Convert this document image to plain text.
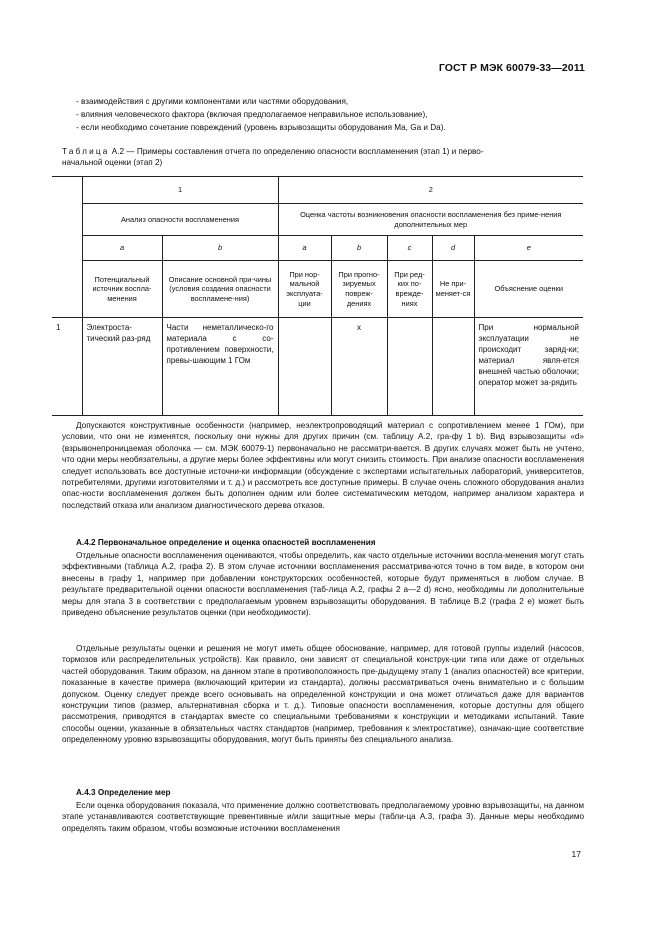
ГОСТ Р МЭК 60079-33—2011
- взаимодействия с другими компонентами или частями оборудования,
- влияния человеческого фактора (включая предполагаемое неправильное использование),
- если необходимо сочетание повреждений (уровень взрывозащиты оборудования Ma, Ga и Da).
Таблица А.2 — Примеры составления отчета по определению опасности воспламенения (этап 1) и перво-
начальной оценки (этап 2)
	1		2				
	Анализ опасности воспламенения		Оценка частоты возникновения опасности воспламенения без приме-нения дополнительных мер				
	a	b	a	b	c	d	e
	Потенциальный источник воспла-менения	Описание основной при-чины (условия создания опасности воспламене-ния)	При нор-мальной эксплуата-ции	При прогно-зируемых повреж-дениях	При ред-ких по-врежде-ниях	Не при-меняет-ся	Объяснение оценки
1	Электроста-тический раз-ряд	Части неметаллическо-го материала с со-противлением поверхности, превы-шающим 1 ГОм		x			При нормальной эксплуатации не происходит заряд-ки; материал явля-ется внешней частью оболочки; оператор может за-рядить
Допускаются конструктивные особенности (например, неэлектропроводящий материал с сопротивлением менее 1 ГОм), при условии, что они не изменятся, поскольку они нужны для других причин (см. таблицу А.2, гра-фу 1 b). Вид взрывозащиты «d» (взрывонепроницаемая оболочка — см. МЭК 60079-1) первоначально не рассматри-вается. В других случаях может быть не учтено, что одни меры необязательны, а другие меры более эффективны или могут снизить стоимость. При анализе опасности воспламенения следует использовать все доступные источни-ки информации (обсуждение с экспертами испытательных лабораторий, университетов, потребителями, другими изготовителями и т. д.) и рассмотреть все доступные примеры. В случае очень сложного оборудования анализ опас-ности воспламенения должен быть дополнен одним или более систематическим методом, например анализом характера и последствий отказа или анализом диагностического дерева отказов.
А.4.2 Первоначальное определение и оценка опасностей воспламенения
Отдельные опасности воспламенения оцениваются, чтобы определить, как часто отдельные источники воспла-менения могут стать эффективными (таблица А.2, графа 2). В этом случае источники воспламенения рассматрива-ются точно в том виде, в котором они внесены в графу 1, например при добавлении конструкторских особенностей, которые будут применяться в любом случае. В результате предварительной оценки опасности воспламенения (таб-лица А.2, графы 2 a—2 d) ясно, необходимы ли дополнительные меры для этапа 3 в соответствии с предполагаемым уровнем взрывозащиты оборудования. В таблице В.2 (графа 2 e) может быть приведено объяснение результатов оценки (при необходимости).
Отдельные результаты оценки и решения не могут иметь общее обоснование, например, для готовой группы изделий (насосов, тормозов или распределительных устройств). Как правило, они зависят от специальной конструк-ции типа или даже от отдельных частей оборудования. Таким образом, на данном этапе в противоположность пре-дыдущему этапу 1 (анализ опасностей) все критерии, показанные в качестве примера (включающий критерии из стандарта), должны рассматриваться очень внимательно и с большим допуском. Оценку следует прежде всего основывать на определенной конструкции и она может отличаться даже для вариантов конструкции типов (размер, альтернативная сборка и т. д.). Типовые опасности воспламенения, которые доступны для общего рассмотрения, приводятся в стандартах вместе со специальными требованиями к конструкции и методиками испытаний. Такие способы оценки, указанные в обязательных частях стандартов (например, требования к электростатике), означаю-щие соответствие определенному уровню взрывозащиты оборудования, могут быть приняты без специального анализа.
А.4.3 Определение мер
Если оценка оборудования показала, что применение должно соответствовать предполагаемому уровню взрывозащиты, на данном этапе устанавливаются соответствующие превентивные и/или защитные меры (табли-ца А.3, графа 3). Данные меры необходимо определять таким образом, чтобы возможные источники воспламенения
17
